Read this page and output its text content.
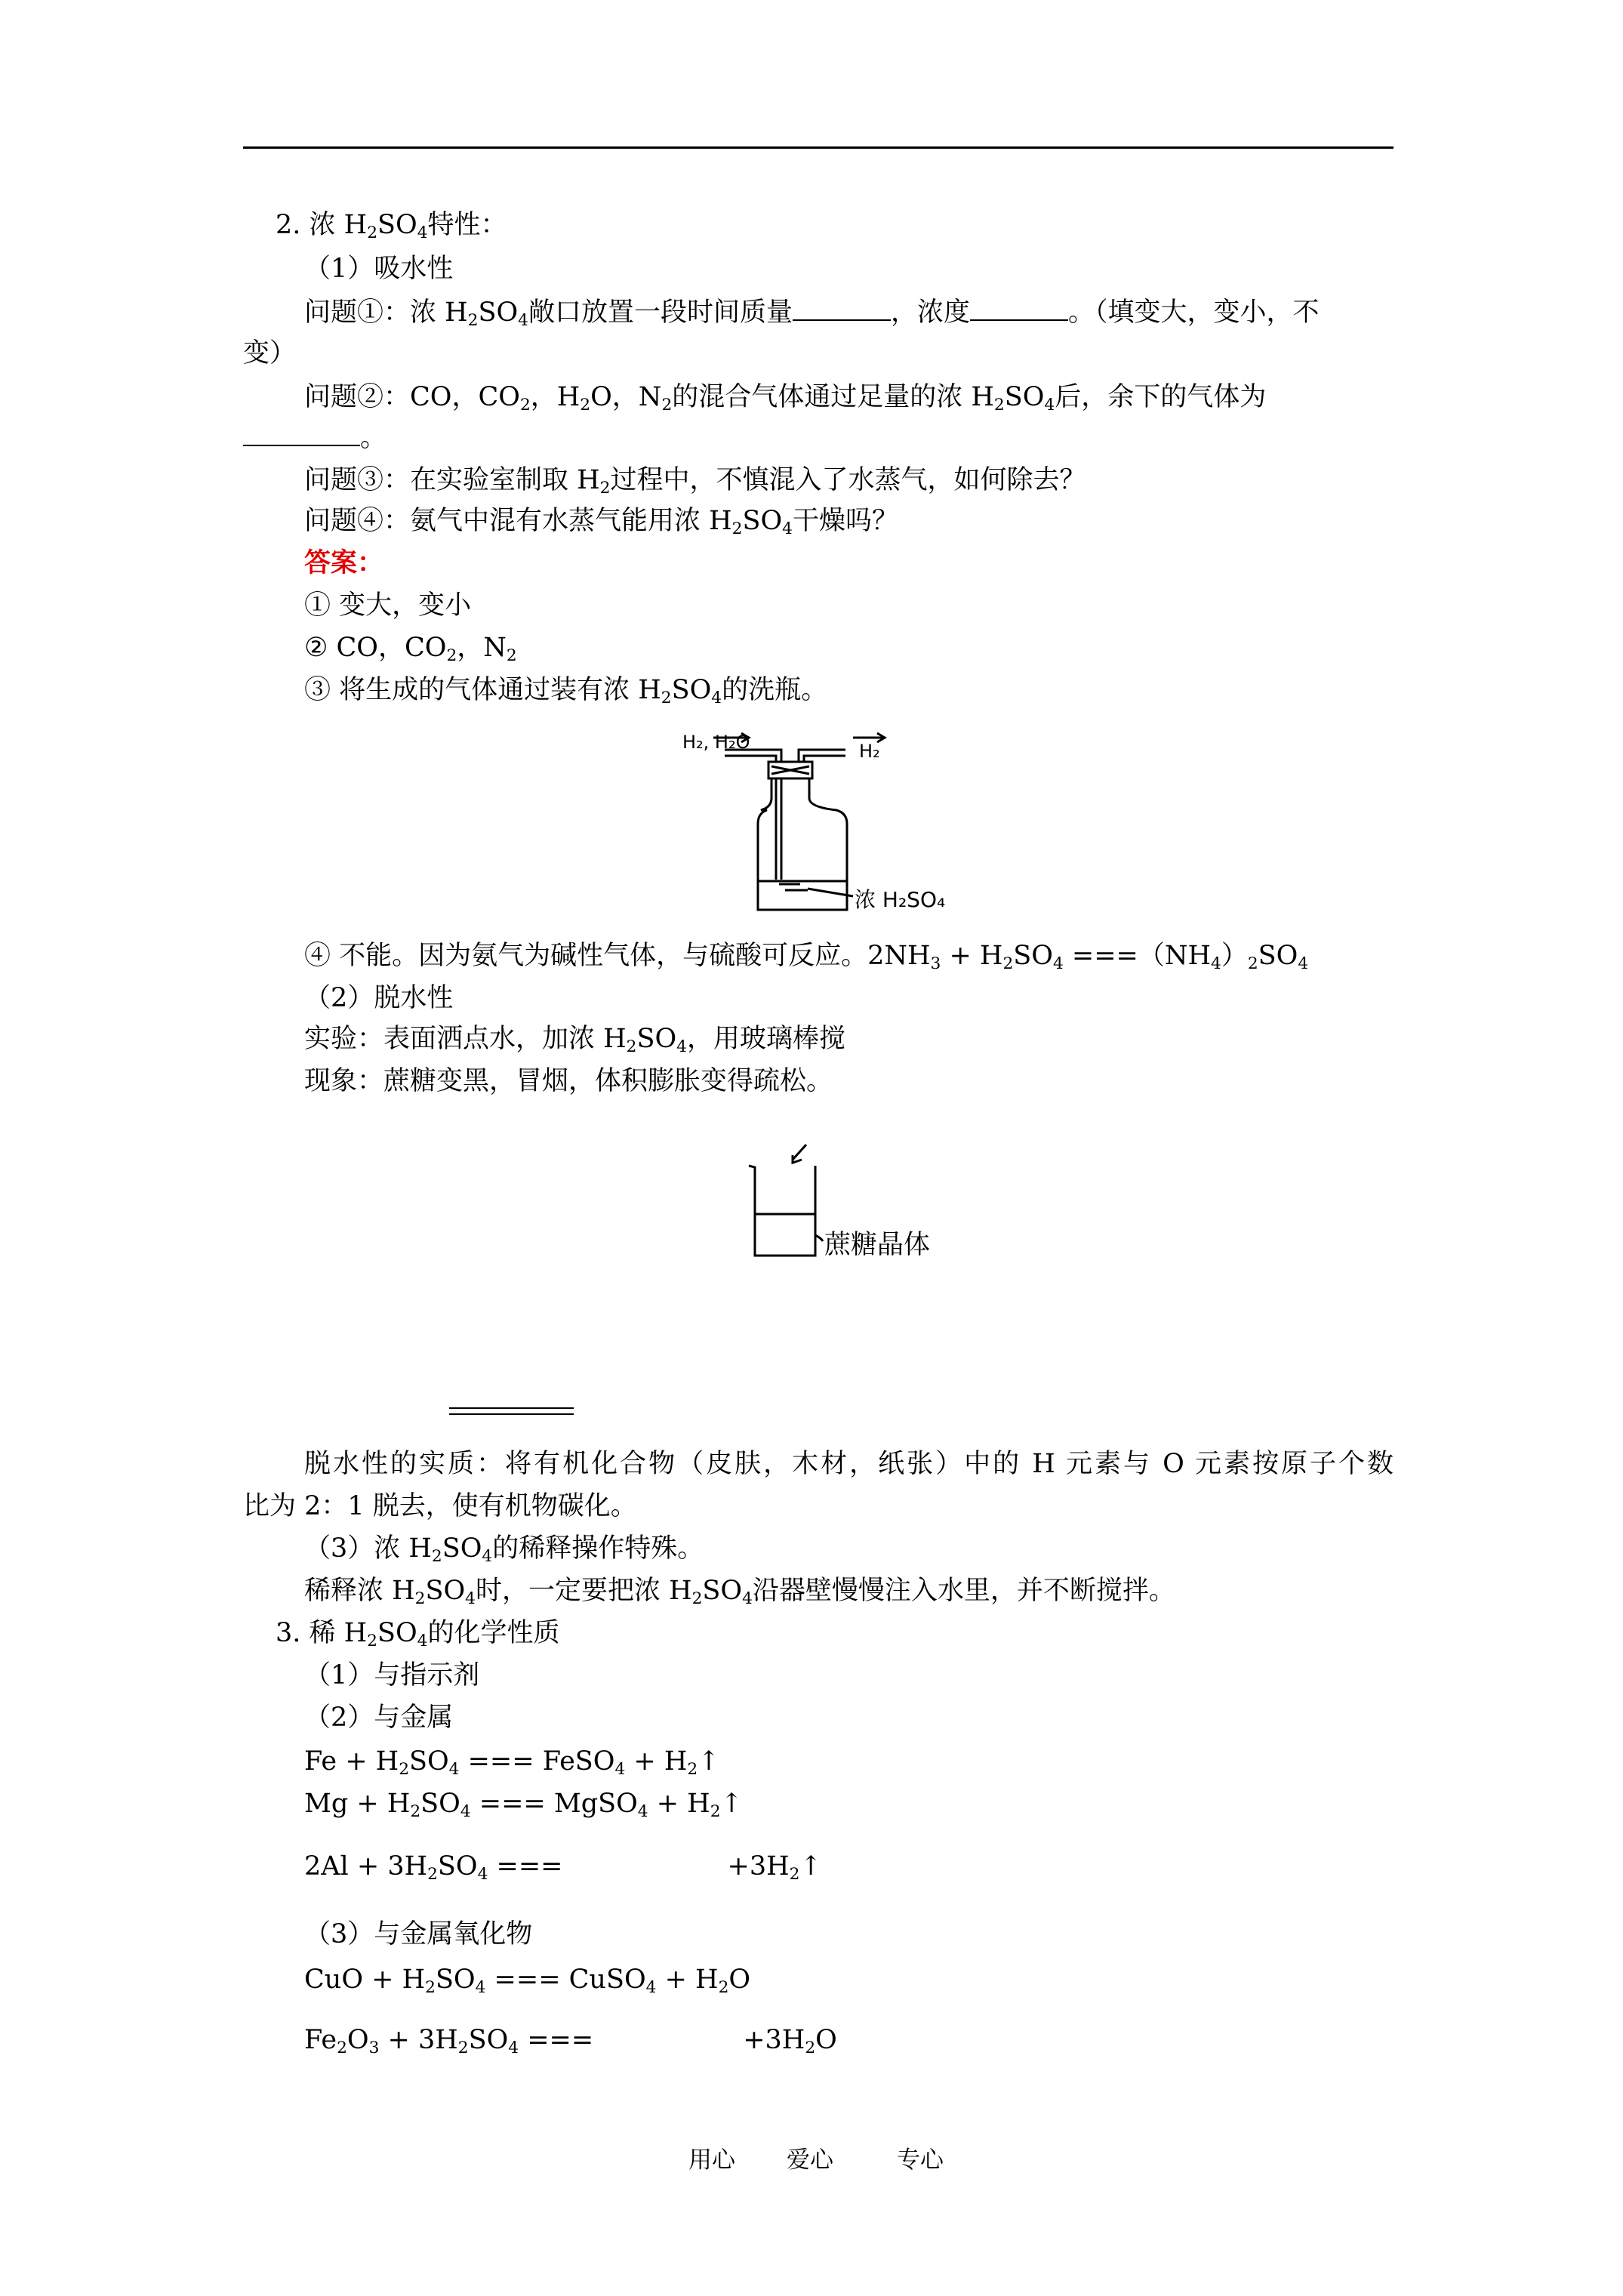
2. 浓 $H_2SO_4$特性：
（1）吸水性
问题①：浓 $H_2SO_4$敞口放置一段时间质量	，浓度	。（填变大，变小，不
变）
问题②：CO，$CO_2$，$H_2O$，$N_2$的混合气体通过足量的浓 $H_2SO_4$后，余下的气体为
。
问题③：在实验室制取 $H_2$过程中，不慎混入了水蒸气，如何除去？
问题④：氨气中混有水蒸气能用浓 $H_2SO_4$干燥吗？
答案：
① 变大，变小
② CO，$CO_2$，$N_2$
③ 将生成的气体通过装有浓 $H_2SO_4$的洗瓶。
H₂, H₂O	H₂
浓 H₂SO₄
④ 不能。因为氨气为碱性气体，与硫酸可反应。$2NH_3 + H_2SO_4 ===(NH_4)_2SO_4$
（2）脱水性
实验：表面洒点水，加浓 $H_2SO_4$，用玻璃棒搅
现象：蔗糖变黑，冒烟，体积膨胀变得疏松。
蔗糖晶体
脱水性的实质：将有机化合物（皮肤，木材，纸张）中的 H 元素与 O 元素按原子个数
比为 2：1 脱去，使有机物碳化。
（3）浓 $H_2SO_4$的稀释操作特殊。
稀释浓 $H_2SO_4$时，一定要把浓 $H_2SO_4$沿器壁慢慢注入水里，并不断搅拌。
3. 稀 $H_2SO_4$的化学性质
（1）与指示剂
（2）与金属
$Fe + H_2SO_4$ === FeSO$_4$ + $H_2↑$
$Mg + H_2SO_4$ === MgSO$_4$ + $H_2↑$
$2Al + 3H_2SO_4$ ===	$+3H_2↑$
（3）与金属氧化物
CuO + $H_2SO_4$ === CuSO$_4$ + $H_2O$
$Fe_2O_3 + 3H_2SO_4$ ===	$+3H_2O$
用心 爱心	专心
